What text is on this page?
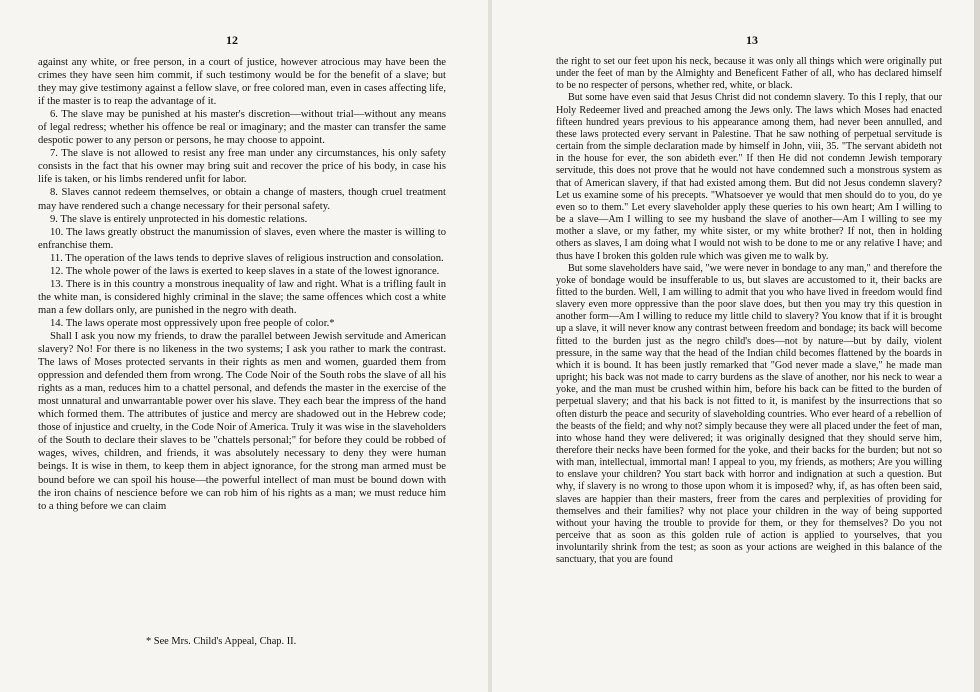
12

against any white, or free person, in a court of justice, however atrocious may have been the crimes they have seen him commit, if such testimony would be for the benefit of a slave; but they may give testimony against a fellow slave, or free colored man, even in cases affecting life, if the master is to reap the advantage of it.

6. The slave may be punished at his master's discretion—without trial—without any means of legal redress; whether his offence be real or imaginary; and the master can transfer the same despotic power to any person or persons, he may choose to appoint.

7. The slave is not allowed to resist any free man under any circumstances, his only safety consists in the fact that his owner may bring suit and recover the price of his body, in case his life is taken, or his limbs rendered unfit for labor.

8. Slaves cannot redeem themselves, or obtain a change of masters, though cruel treatment may have rendered such a change necessary for their personal safety.

9. The slave is entirely unprotected in his domestic relations.

10. The laws greatly obstruct the manumission of slaves, even where the master is willing to enfranchise them.

11. The operation of the laws tends to deprive slaves of religious instruction and consolation.

12. The whole power of the laws is exerted to keep slaves in a state of the lowest ignorance.

13. There is in this country a monstrous inequality of law and right. What is a trifling fault in the white man, is considered highly criminal in the slave; the same offences which cost a white man a few dollars only, are punished in the negro with death.

14. The laws operate most oppressively upon free people of color.*

Shall I ask you now my friends, to draw the parallel between Jewish servitude and American slavery? No! For there is no likeness in the two systems; I ask you rather to mark the contrast. The laws of Moses protected servants in their rights as men and women, guarded them from oppression and defended them from wrong. The Code Noir of the South robs the slave of all his rights as a man, reduces him to a chattel personal, and defends the master in the exercise of the most unnatural and unwarrantable power over his slave. They each bear the impress of the hand which formed them. The attributes of justice and mercy are shadowed out in the Hebrew code; those of injustice and cruelty, in the Code Noir of America. Truly it was wise in the slaveholders of the South to declare their slaves to be "chattels personal;" for before they could be robbed of wages, wives, children, and friends, it was absolutely necessary to deny they were human beings. It is wise in them, to keep them in abject ignorance, for the strong man armed must be bound before we can spoil his house—the powerful intellect of man must be bound down with the iron chains of nescience before we can rob him of his rights as a man; we must reduce him to a thing before we can claim

* See Mrs. Child's Appeal, Chap. II.
13

the right to set our feet upon his neck, because it was only all things which were originally put under the feet of man by the Almighty and Beneficent Father of all, who has declared himself to be no respecter of persons, whether red, white, or black.

But some have even said that Jesus Christ did not condemn slavery. To this I reply, that our Holy Redeemer lived and preached among the Jews only. The laws which Moses had enacted fifteen hundred years previous to his appearance among them, had never been annulled, and these laws protected every servant in Palestine. That he saw nothing of perpetual servitude is certain from the simple declaration made by himself in John, viii, 35. "The servant abideth not in the house for ever, the son abideth ever." If then He did not condemn Jewish temporary servitude, this does not prove that he would not have condemned such a monstrous system as that of American slavery, if that had existed among them. But did not Jesus condemn slavery? Let us examine some of his precepts. "Whatsoever ye would that men should do to you, do ye even so to them." Let every slaveholder apply these queries to his own heart; Am I willing to be a slave—Am I willing to see my husband the slave of another—Am I willing to see my mother a slave, or my father, my white sister, or my white brother? If not, then in holding others as slaves, I am doing what I would not wish to be done to me or any relative I have; and thus have I broken this golden rule which was given me to walk by.

But some slaveholders have said, "we were never in bondage to any man," and therefore the yoke of bondage would be insufferable to us, but slaves are accustomed to it, their backs are fitted to the burden. Well, I am willing to admit that you who have lived in freedom would find slavery even more oppressive than the poor slave does, but then you may try this question in another form—Am I willing to reduce my little child to slavery? You know that if it is brought up a slave, it will never know any contrast between freedom and bondage; its back will become fitted to the burden just as the negro child's does—not by nature—but by daily, violent pressure, in the same way that the head of the Indian child becomes flattened by the boards in which it is bound. It has been justly remarked that "God never made a slave," he made man upright; his back was not made to carry burdens as the slave of another, nor his neck to wear a yoke, and the man must be crushed within him, before his back can be fitted to the burden of perpetual slavery; and that his back is not fitted to it, is manifest by the insurrections that so often disturb the peace and security of slaveholding countries. Who ever heard of a rebellion of the beasts of the field; and why not? simply because they were all placed under the feet of man, into whose hand they were delivered; it was originally designed that they should serve him, therefore their necks have been formed for the yoke, and their backs for the burden; but not so with man, intellectual, immortal man! I appeal to you, my friends, as mothers; Are you willing to enslave your children? You start back with horror and indignation at such a question. But why, if slavery is no wrong to those upon whom it is imposed? why, if, as has often been said, slaves are happier than their masters, freer from the cares and perplexities of providing for themselves and their families? why not place your children in the way of being supported without your having the trouble to provide for them, or they for themselves? Do you not perceive that as soon as this golden rule of action is applied to yourselves, that you involuntarily shrink from the test; as soon as your actions are weighed in this balance of the sanctuary, that you are found
